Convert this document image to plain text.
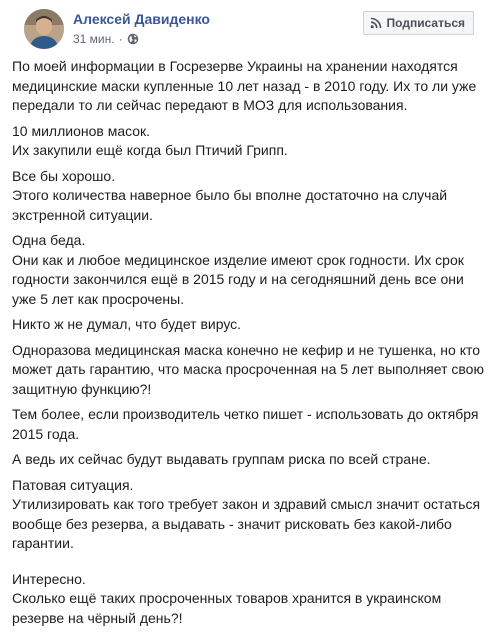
Алексей Давиденко
31 мин. ·
Подписаться

По моей информации в Госрезерве Украины на хранении находятся медицинские маски купленные 10 лет назад - в 2010 году. Их то ли уже передали то ли сейчас передают в МОЗ для использования.

10 миллионов масок.
Их закупили ещё когда был Птичий Грипп.

Все бы хорошо.
Этого количества наверное было бы вполне достаточно на случай экстренной ситуации.

Одна беда.
Они как и любое медицинское изделие имеют срок годности. Их срок годности закончился ещё в 2015 году и на сегодняшний день все они уже 5 лет как просрочены.

Никто ж не думал, что будет вирус.

Одноразова медицинская маска конечно не кефир и не тушенка, но кто может дать гарантию, что маска просроченная на 5 лет выполняет свою защитную функцию?!

Тем более, если производитель четко пишет - использовать до октября 2015 года.

А ведь их сейчас будут выдавать группам риска по всей стране.

Патовая ситуация.
Утилизировать как того требует закон и здравий смысл значит остаться вообще без резерва, а выдавать - значит рисковать без какой-либо гарантии.

Интересно.
Сколько ещё таких просроченных товаров хранится в украинском резерве на чёрный день?!
